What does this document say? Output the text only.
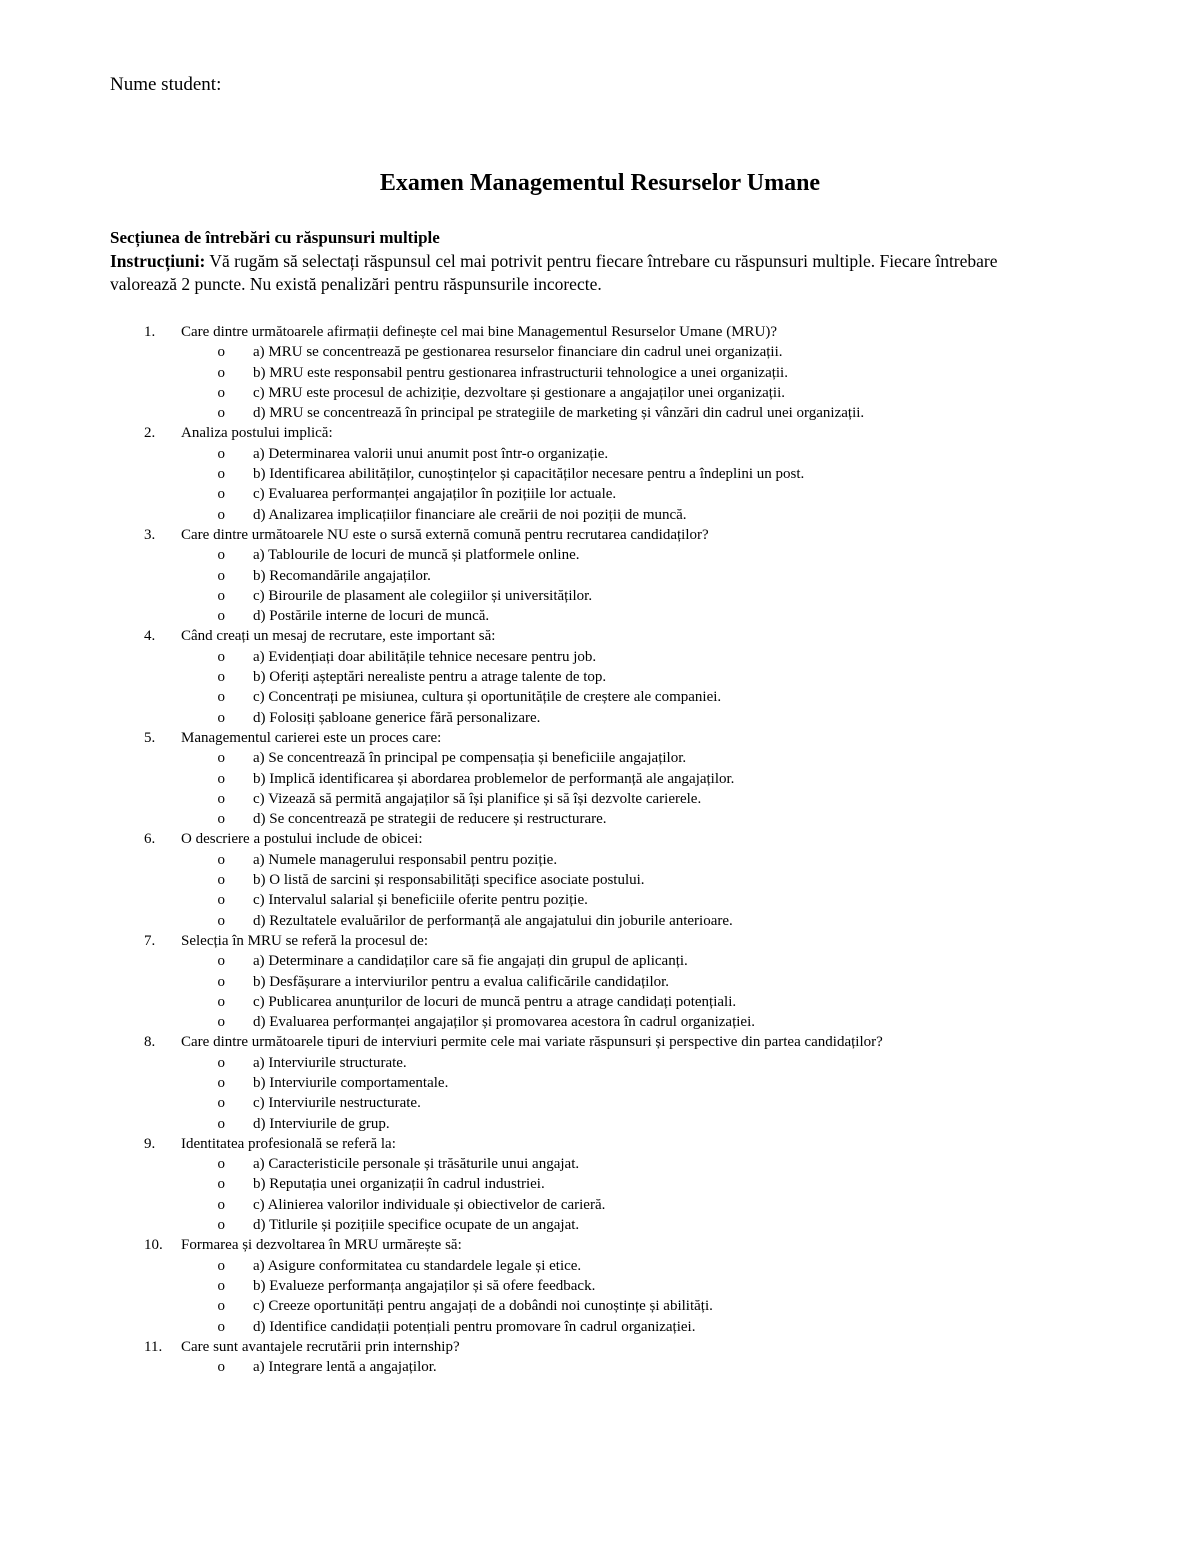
Nume student:
Examen Managementul Resurselor Umane
Secțiunea de întrebări cu răspunsuri multiple
Instrucțiuni: Vă rugăm să selectați răspunsul cel mai potrivit pentru fiecare întrebare cu răspunsuri multiple. Fiecare întrebare valorează 2 puncte. Nu există penalizări pentru răspunsurile incorecte.
1.	Care dintre următoarele afirmații definește cel mai bine Managementul Resurselor Umane (MRU)?
o	a) MRU se concentrează pe gestionarea resurselor financiare din cadrul unei organizații.
o	b) MRU este responsabil pentru gestionarea infrastructurii tehnologice a unei organizații.
o	c) MRU este procesul de achiziție, dezvoltare și gestionare a angajaților unei organizații.
o	d) MRU se concentrează în principal pe strategiile de marketing și vânzări din cadrul unei organizații.
2.	Analiza postului implică:
o	a) Determinarea valorii unui anumit post într-o organizație.
o	b) Identificarea abilităților, cunoștințelor și capacităților necesare pentru a îndeplini un post.
o	c) Evaluarea performanței angajaților în pozițiile lor actuale.
o	d) Analizarea implicațiilor financiare ale creării de noi poziții de muncă.
3.	Care dintre următoarele NU este o sursă externă comună pentru recrutarea candidaților?
o	a) Tablourile de locuri de muncă și platformele online.
o	b) Recomandările angajaților.
o	c) Birourile de plasament ale colegiilor și universităților.
o	d) Postările interne de locuri de muncă.
4.	Când creați un mesaj de recrutare, este important să:
o	a) Evidențiați doar abilitățile tehnice necesare pentru job.
o	b) Oferiți așteptări nerealiste pentru a atrage talente de top.
o	c) Concentrați pe misiunea, cultura și oportunitățile de creștere ale companiei.
o	d) Folosiți șabloane generice fără personalizare.
5.	Managementul carierei este un proces care:
o	a) Se concentrează în principal pe compensația și beneficiile angajaților.
o	b) Implică identificarea și abordarea problemelor de performanță ale angajaților.
o	c) Vizează să permită angajaților să își planifice și să își dezvolte carierele.
o	d) Se concentrează pe strategii de reducere și restructurare.
6.	O descriere a postului include de obicei:
o	a) Numele managerului responsabil pentru poziție.
o	b) O listă de sarcini și responsabilități specifice asociate postului.
o	c) Intervalul salarial și beneficiile oferite pentru poziție.
o	d) Rezultatele evaluărilor de performanță ale angajatului din joburile anterioare.
7.	Selecția în MRU se referă la procesul de:
o	a) Determinare a candidaților care să fie angajați din grupul de aplicanți.
o	b) Desfășurare a interviurilor pentru a evalua calificările candidaților.
o	c) Publicarea anunțurilor de locuri de muncă pentru a atrage candidați potențiali.
o	d) Evaluarea performanței angajaților și promovarea acestora în cadrul organizației.
8.	Care dintre următoarele tipuri de interviuri permite cele mai variate răspunsuri și perspective din partea candidaților?
o	a) Interviurile structurate.
o	b) Interviurile comportamentale.
o	c) Interviurile nestructurate.
o	d) Interviurile de grup.
9.	Identitatea profesională se referă la:
o	a) Caracteristicile personale și trăsăturile unui angajat.
o	b) Reputația unei organizații în cadrul industriei.
o	c) Alinierea valorilor individuale și obiectivelor de carieră.
o	d) Titlurile și pozițiile specifice ocupate de un angajat.
10.	Formarea și dezvoltarea în MRU urmărește să:
o	a) Asigure conformitatea cu standardele legale și etice.
o	b) Evalueze performanța angajaților și să ofere feedback.
o	c) Creeze oportunități pentru angajați de a dobândi noi cunoștințe și abilități.
o	d) Identifice candidații potențiali pentru promovare în cadrul organizației.
11.	Care sunt avantajele recrutării prin internship?
o	a) Integrare lentă a angajaților.
